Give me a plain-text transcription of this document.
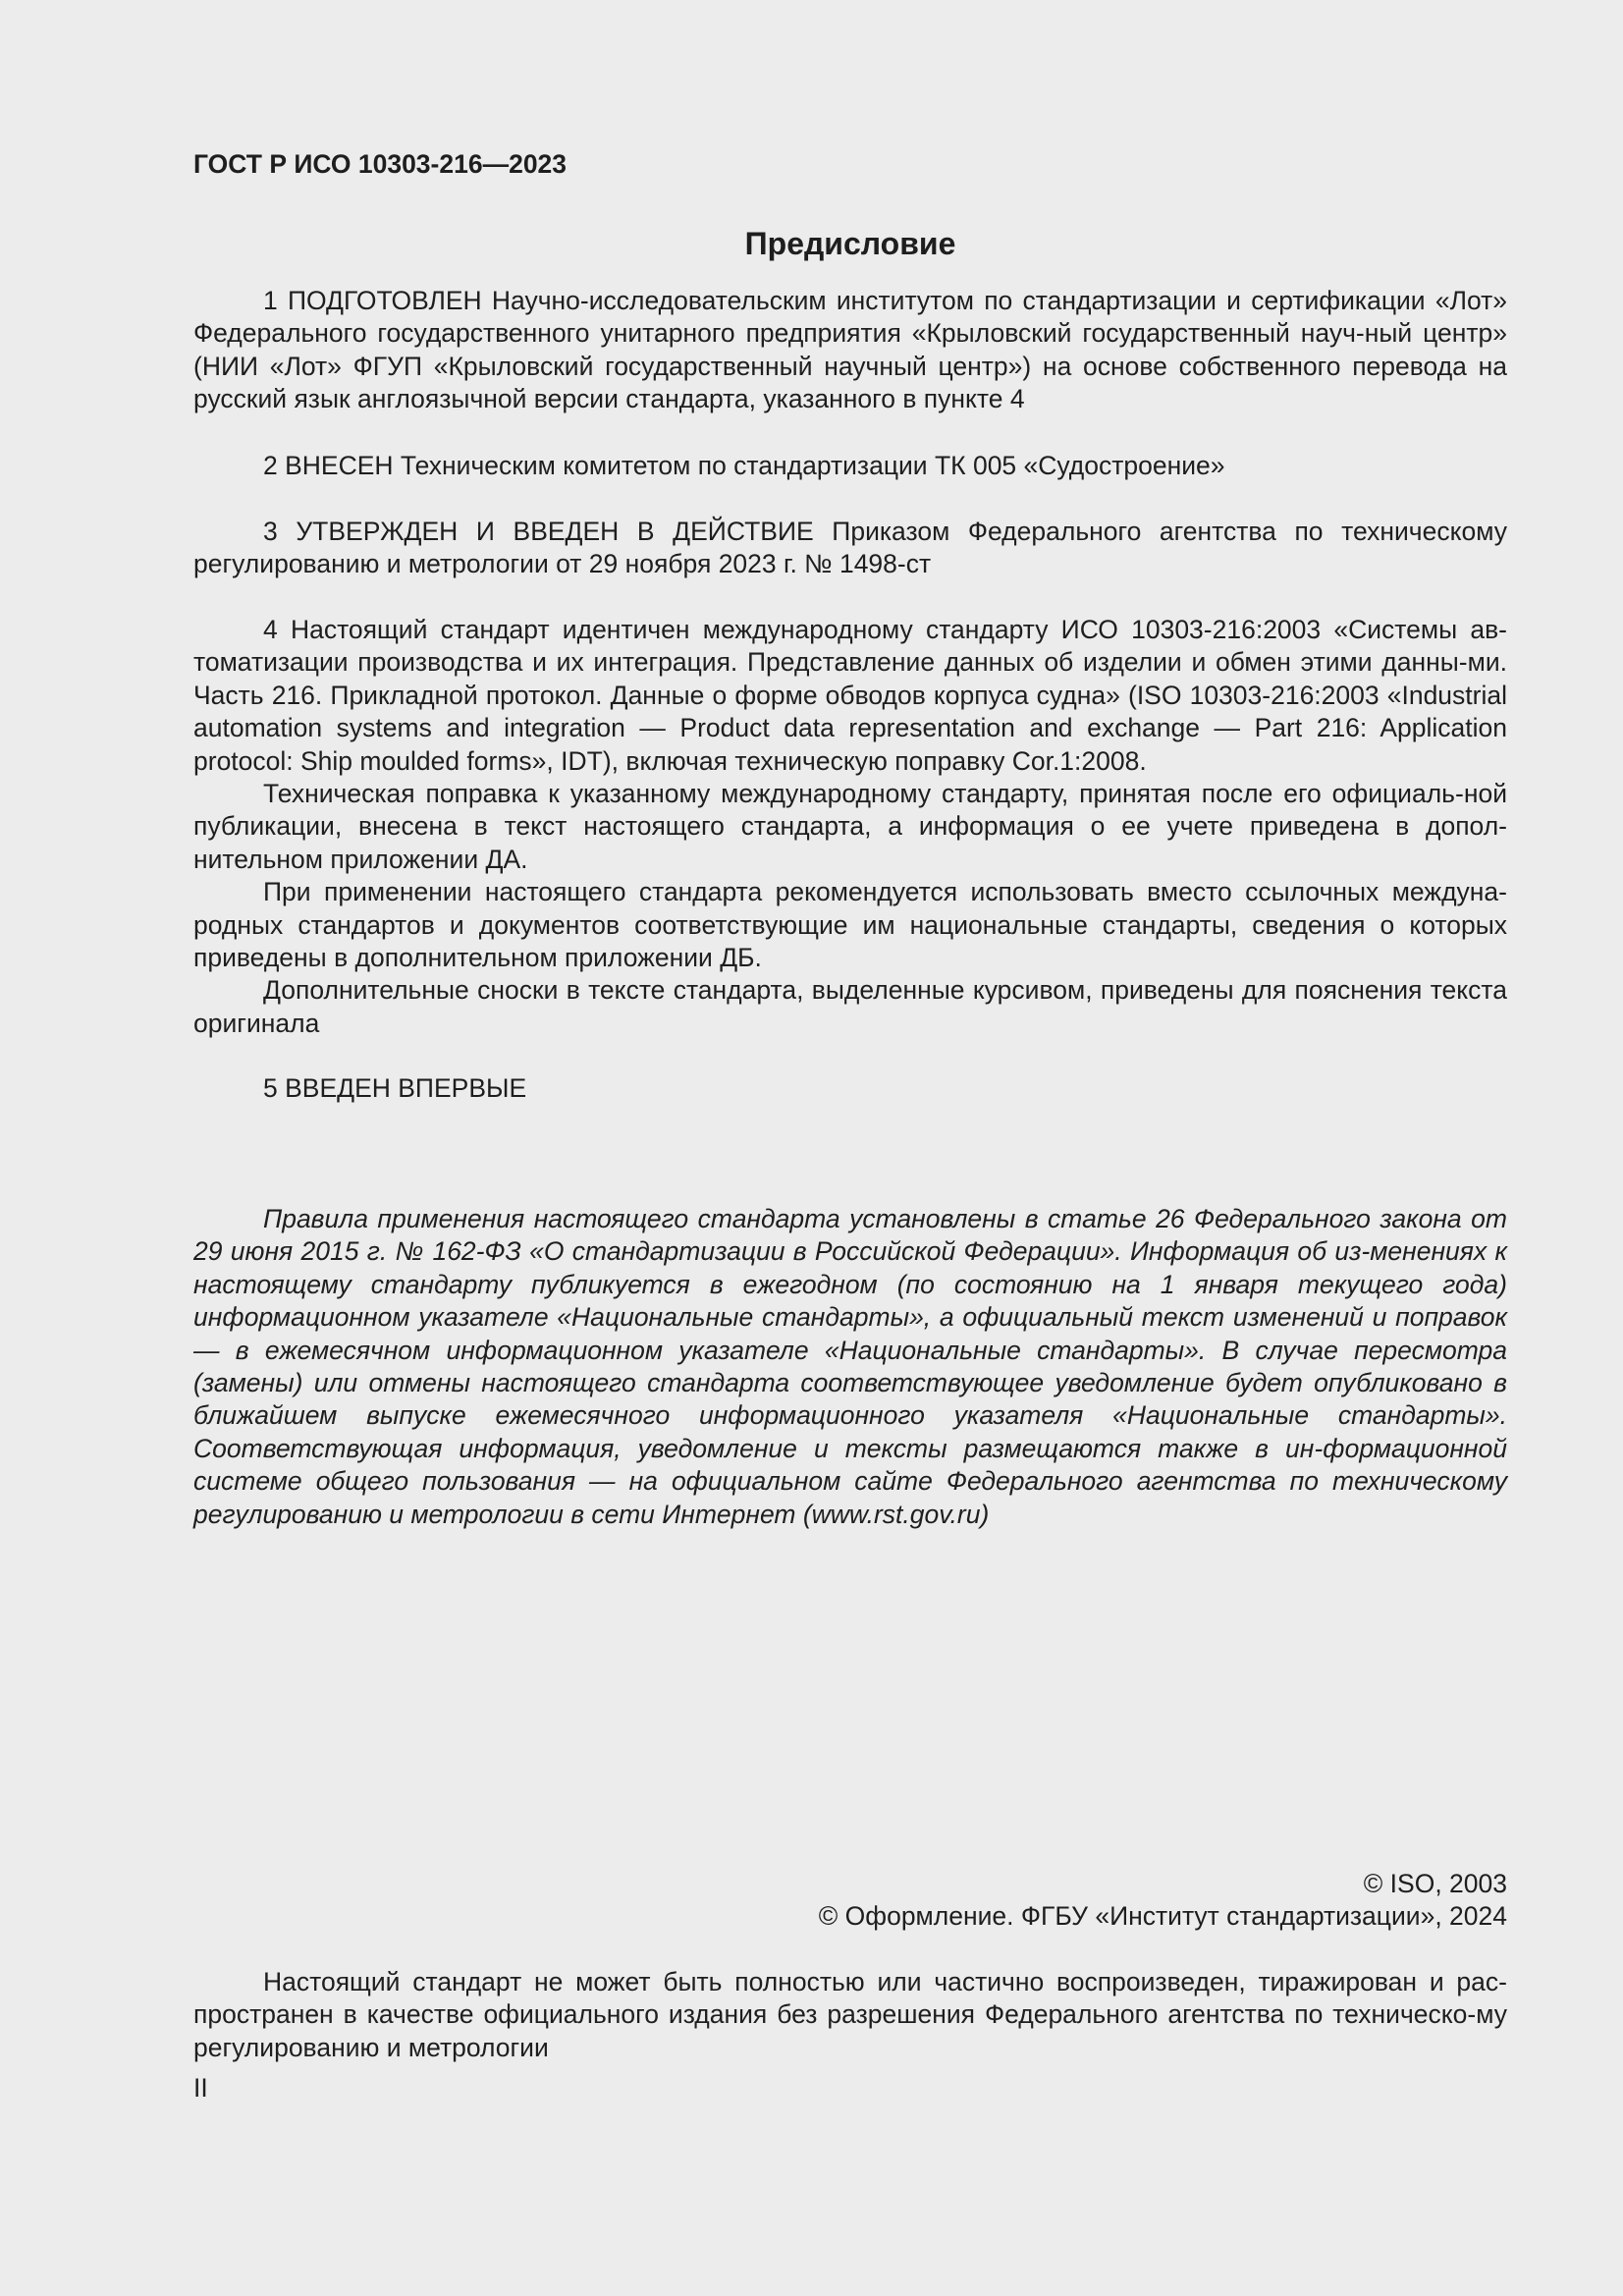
ГОСТ Р ИСО 10303-216—2023

Предисловие

1 ПОДГОТОВЛЕН Научно-исследовательским институтом по стандартизации и сертификации «Лот» Федерального государственного унитарного предприятия «Крыловский государственный науч-ный центр» (НИИ «Лот» ФГУП «Крыловский государственный научный центр») на основе собственного перевода на русский язык англоязычной версии стандарта, указанного в пункте 4

2 ВНЕСЕН Техническим комитетом по стандартизации ТК 005 «Судостроение»

3 УТВЕРЖДЕН И ВВЕДЕН В ДЕЙСТВИЕ Приказом Федерального агентства по техническому регулированию и метрологии от 29 ноября 2023 г. № 1498-ст

4 Настоящий стандарт идентичен международному стандарту ИСО 10303-216:2003 «Системы ав-томатизации производства и их интеграция. Представление данных об изделии и обмен этими данны-ми. Часть 216. Прикладной протокол. Данные о форме обводов корпуса судна» (ISO 10303-216:2003 «Industrial automation systems and integration — Product data representation and exchange — Part 216: Application protocol: Ship moulded forms», IDT), включая техническую поправку Cor.1:2008.

Техническая поправка к указанному международному стандарту, принятая после его официаль-ной публикации, внесена в текст настоящего стандарта, а информация о ее учете приведена в допол-нительном приложении ДА.

При применении настоящего стандарта рекомендуется использовать вместо ссылочных междуна-родных стандартов и документов соответствующие им национальные стандарты, сведения о которых приведены в дополнительном приложении ДБ.

Дополнительные сноски в тексте стандарта, выделенные курсивом, приведены для пояснения текста оригинала

5 ВВЕДЕН ВПЕРВЫЕ

Правила применения настоящего стандарта установлены в статье 26 Федерального закона от 29 июня 2015 г. № 162-ФЗ «О стандартизации в Российской Федерации». Информация об из-менениях к настоящему стандарту публикуется в ежегодном (по состоянию на 1 января текущего года) информационном указателе «Национальные стандарты», а официальный текст изменений и поправок — в ежемесячном информационном указателе «Национальные стандарты». В случае пересмотра (замены) или отмены настоящего стандарта соответствующее уведомление будет опубликовано в ближайшем выпуске ежемесячного информационного указателя «Национальные стандарты». Соответствующая информация, уведомление и тексты размещаются также в ин-формационной системе общего пользования — на официальном сайте Федерального агентства по техническому регулированию и метрологии в сети Интернет (www.rst.gov.ru)

© ISO, 2003

© Оформление. ФГБУ «Институт стандартизации», 2024

Настоящий стандарт не может быть полностью или частично воспроизведен, тиражирован и рас-пространен в качестве официального издания без разрешения Федерального агентства по техническо-му регулированию и метрологии

II
